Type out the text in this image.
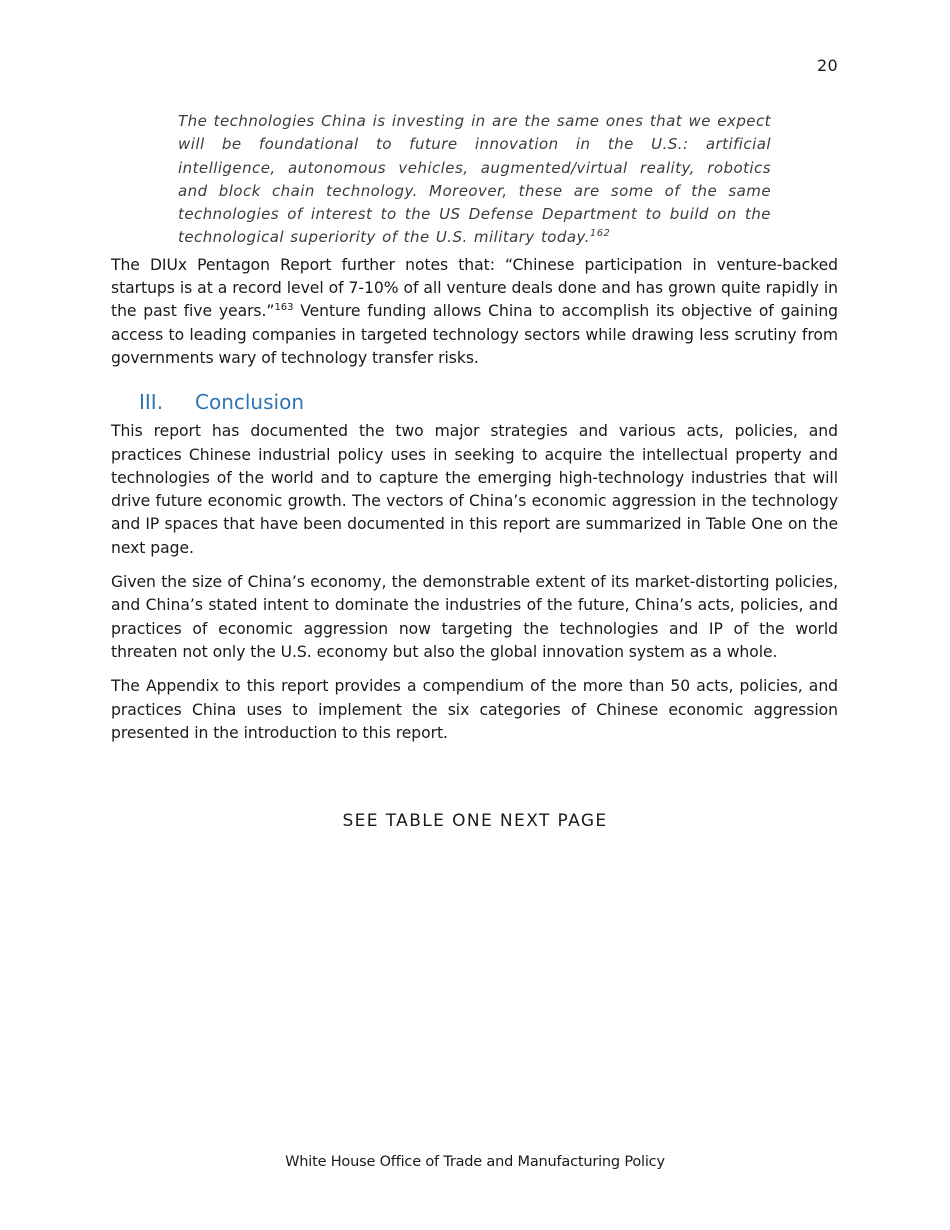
20

The technologies China is investing in are the same ones that we expect will be foundational to future innovation in the U.S.: artificial intelligence, autonomous vehicles, augmented/virtual reality, robotics and block chain technology. Moreover, these are some of the same technologies of interest to the US Defense Department to build on the technological superiority of the U.S. military today.$^{162}$

The DIUx Pentagon Report further notes that: “Chinese participation in venture-backed startups is at a record level of 7-10% of all venture deals done and has grown quite rapidly in the past five years.”$^{163}$ Venture funding allows China to accomplish its objective of gaining access to leading companies in targeted technology sectors while drawing less scrutiny from governments wary of technology transfer risks.

III.	Conclusion

This report has documented the two major strategies and various acts, policies, and practices Chinese industrial policy uses in seeking to acquire the intellectual property and technologies of the world and to capture the emerging high-technology industries that will drive future economic growth. The vectors of China’s economic aggression in the technology and IP spaces that have been documented in this report are summarized in Table One on the next page.

Given the size of China’s economy, the demonstrable extent of its market-distorting policies, and China’s stated intent to dominate the industries of the future, China’s acts, policies, and practices of economic aggression now targeting the technologies and IP of the world threaten not only the U.S. economy but also the global innovation system as a whole.

The Appendix to this report provides a compendium of the more than 50 acts, policies, and practices China uses to implement the six categories of Chinese economic aggression presented in the introduction to this report.

SEE TABLE ONE NEXT PAGE
White House Office of Trade and Manufacturing Policy
